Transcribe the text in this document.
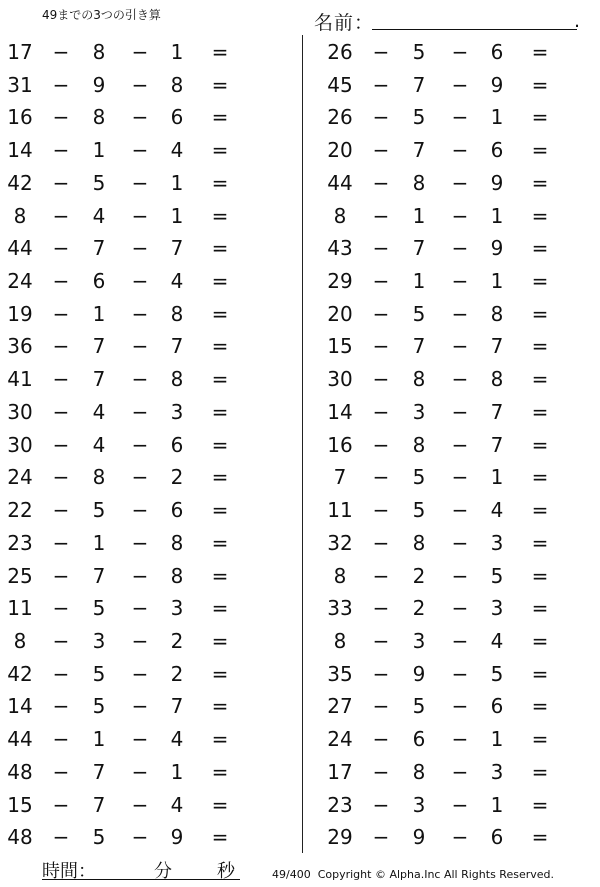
49までの3つの引き算	名前：	.
17 −	8	−	1	=
31 −	9	−	8	=
16 −	8	−	6	=
14 −	1	−	4	=
42 −	5	−	1	=
8	−	4	−	1	=
44 −	7	−	7	=
24 −	6	−	4	=
19 −	1	−	8	=
36 −	7	−	7	=
41 −	7	−	8	=
30 −	4	−	3	=
30 −	4	−	6	=
24 −	8	−	2	=
22 −	5	−	6	=
23 −	1	−	8	=
25 −	7	−	8	=
11 −	5	−	3	=
8	−	3	−	2	=
42 −	5	−	2	=
14 −	5	−	7	=
44 −	1	−	4	=
48 −	7	−	1	=
15 −	7	−	4	=
48 −	5	−	9	=
26 −	5	−	6	=
45 −	7	−	9	=
26 −	5	−	1	=
20 −	7	−	6	=
44 −	8	−	9	=
8	−	1	−	1	=
43 −	7	−	9	=
29 −	1	−	1	=
20 −	5	−	8	=
15 −	7	−	7	=
30 −	8	−	8	=
14 −	3	−	7	=
16 −	8	−	7	=
7	−	5	−	1	=
11 −	5	−	4	=
32 −	8	−	3	=
8	−	2	−	5	=
33 −	2	−	3	=
8	−	3	−	4	=
35 −	9	−	5	=
27 −	5	−	6	=
24 −	6	−	1	=
17 −	8	−	3	=
23 −	3	−	1	=
29 −	9	−	6	=
時間：	分	秒	49/400 Copyright © Alpha.Inc All Rights Reserved.
